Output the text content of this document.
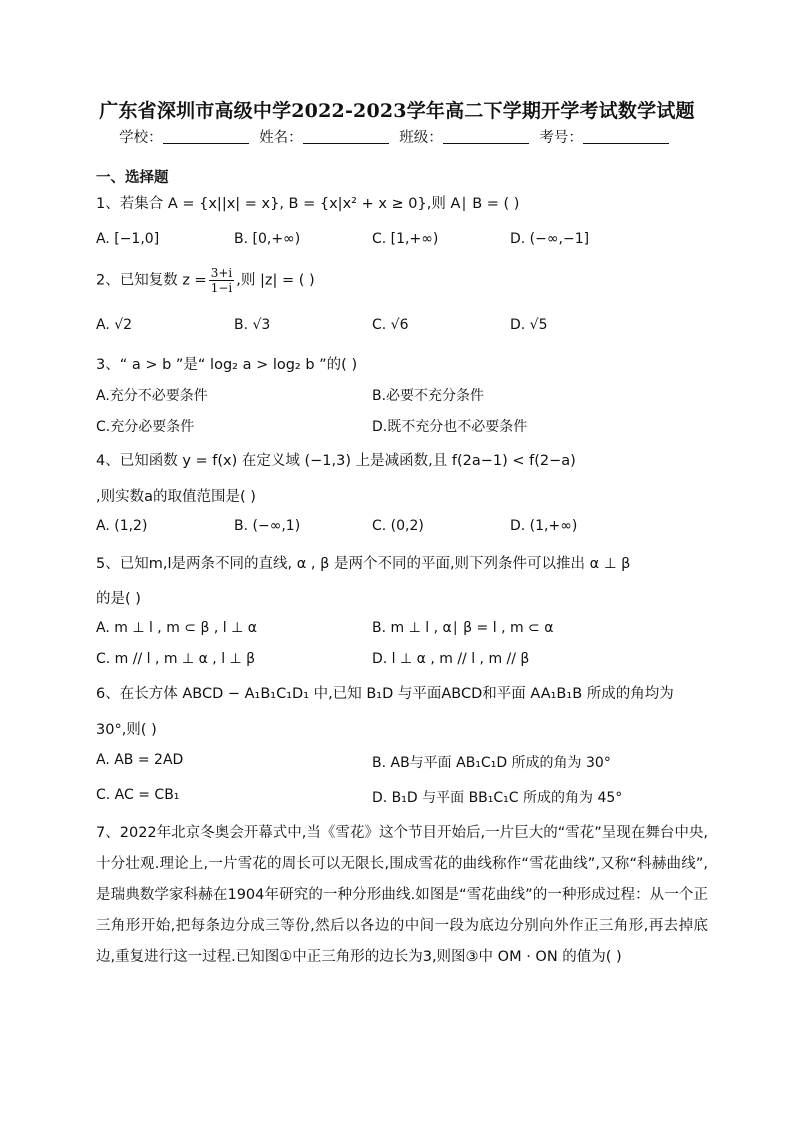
广东省深圳市高级中学2022-2023学年高二下学期开学考试数学试题
学校：	姓名：	班级：	考号：
一、选择题
1、若集合 A = {x||x| = x}, B = {x|x² + x ≥ 0},则 A∣ B = ( )
A. [−1,0]	B. [0,+∞)	C. [1,+∞)	D. (−∞,−1]
2、已知复数 $z = \frac{3+i}{1-i}$ ,则 |z| = ( )
A. √2	B. √3	C. √6	D. √5
3、“ a > b ”是“ log₂ a > log₂ b ”的( )
A.充分不必要条件	B.必要不充分条件
C.充分必要条件	D.既不充分也不必要条件
4、已知函数 y = f(x) 在定义域 (−1,3) 上是减函数,且 f(2a−1) < f(2−a)
,则实数a的取值范围是( )
A. (1,2)	B. (−∞,1)	C. (0,2)	D. (1,+∞)
5、已知m,l是两条不同的直线, α , β 是两个不同的平面,则下列条件可以推出 α ⊥ β
的是( )
A. m ⊥ l , m ⊂ β , l ⊥ α	B. m ⊥ l , α∣ β = l , m ⊂ α
C. m // l , m ⊥ α , l ⊥ β	D. l ⊥ α , m // l , m // β
6、在长方体 ABCD − A₁B₁C₁D₁ 中,已知 B₁D 与平面ABCD和平面 AA₁B₁B 所成的角均为
30°,则( )
A. AB = 2AD	B. AB与平面 AB₁C₁D 所成的角为 30°
C. AC = CB₁	D. B₁D 与平面 BB₁C₁C 所成的角为 45°
7、2022年北京冬奥会开幕式中,当《雪花》这个节目开始后,一片巨大的“雪花”呈现在舞台中央,十分壮观.理论上,一片雪花的周长可以无限长,围成雪花的曲线称作“雪花曲线”,又称“科赫曲线”,是瑞典数学家科赫在1904年研究的一种分形曲线.如图是“雪花曲线”的一种形成过程：从一个正三角形开始,把每条边分成三等份,然后以各边的中间一段为底边分别向外作正三角形,再去掉底边,重复进行这一过程.已知图①中正三角形的边长为3,则图③中 OM · ON 的值为( )
